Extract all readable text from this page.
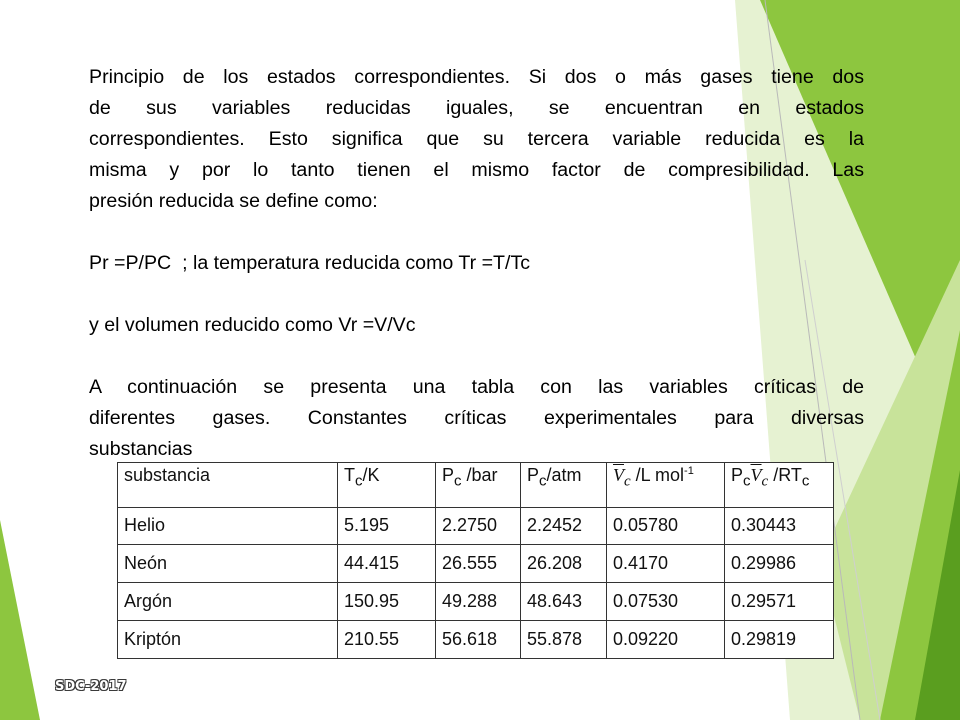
Principio de los estados correspondientes. Si dos o más gases tiene dos

de sus variables reducidas iguales, se encuentran en estados

correspondientes. Esto significa que su tercera variable reducida es la

misma y por lo tanto tienen el mismo factor de compresibilidad. Las

presión reducida se define como:

Pr =P/PC  ; la temperatura reducida como Tr =T/Tc

y el volumen reducido como Vr =V/Vc

A continuación se presenta una tabla con las variables críticas de

diferentes gases. Constantes críticas experimentales para diversas

substancias

substancia	$T_c/K$	$P_c$ /bar	$P_c$/atm	$\overline{V}_c$ /L mol$^{-1}$	$P_c\overline{V}_c$ $/RT_c$
Helio	5.195	2.2750	2.2452	0.05780	0.30443
Neón	44.415	26.555	26.208	0.4170	0.29986
Argón	150.95	49.288	48.643	0.07530	0.29571
Kriptón	210.55	56.618	55.878	0.09220	0.29819
SDC-2017
